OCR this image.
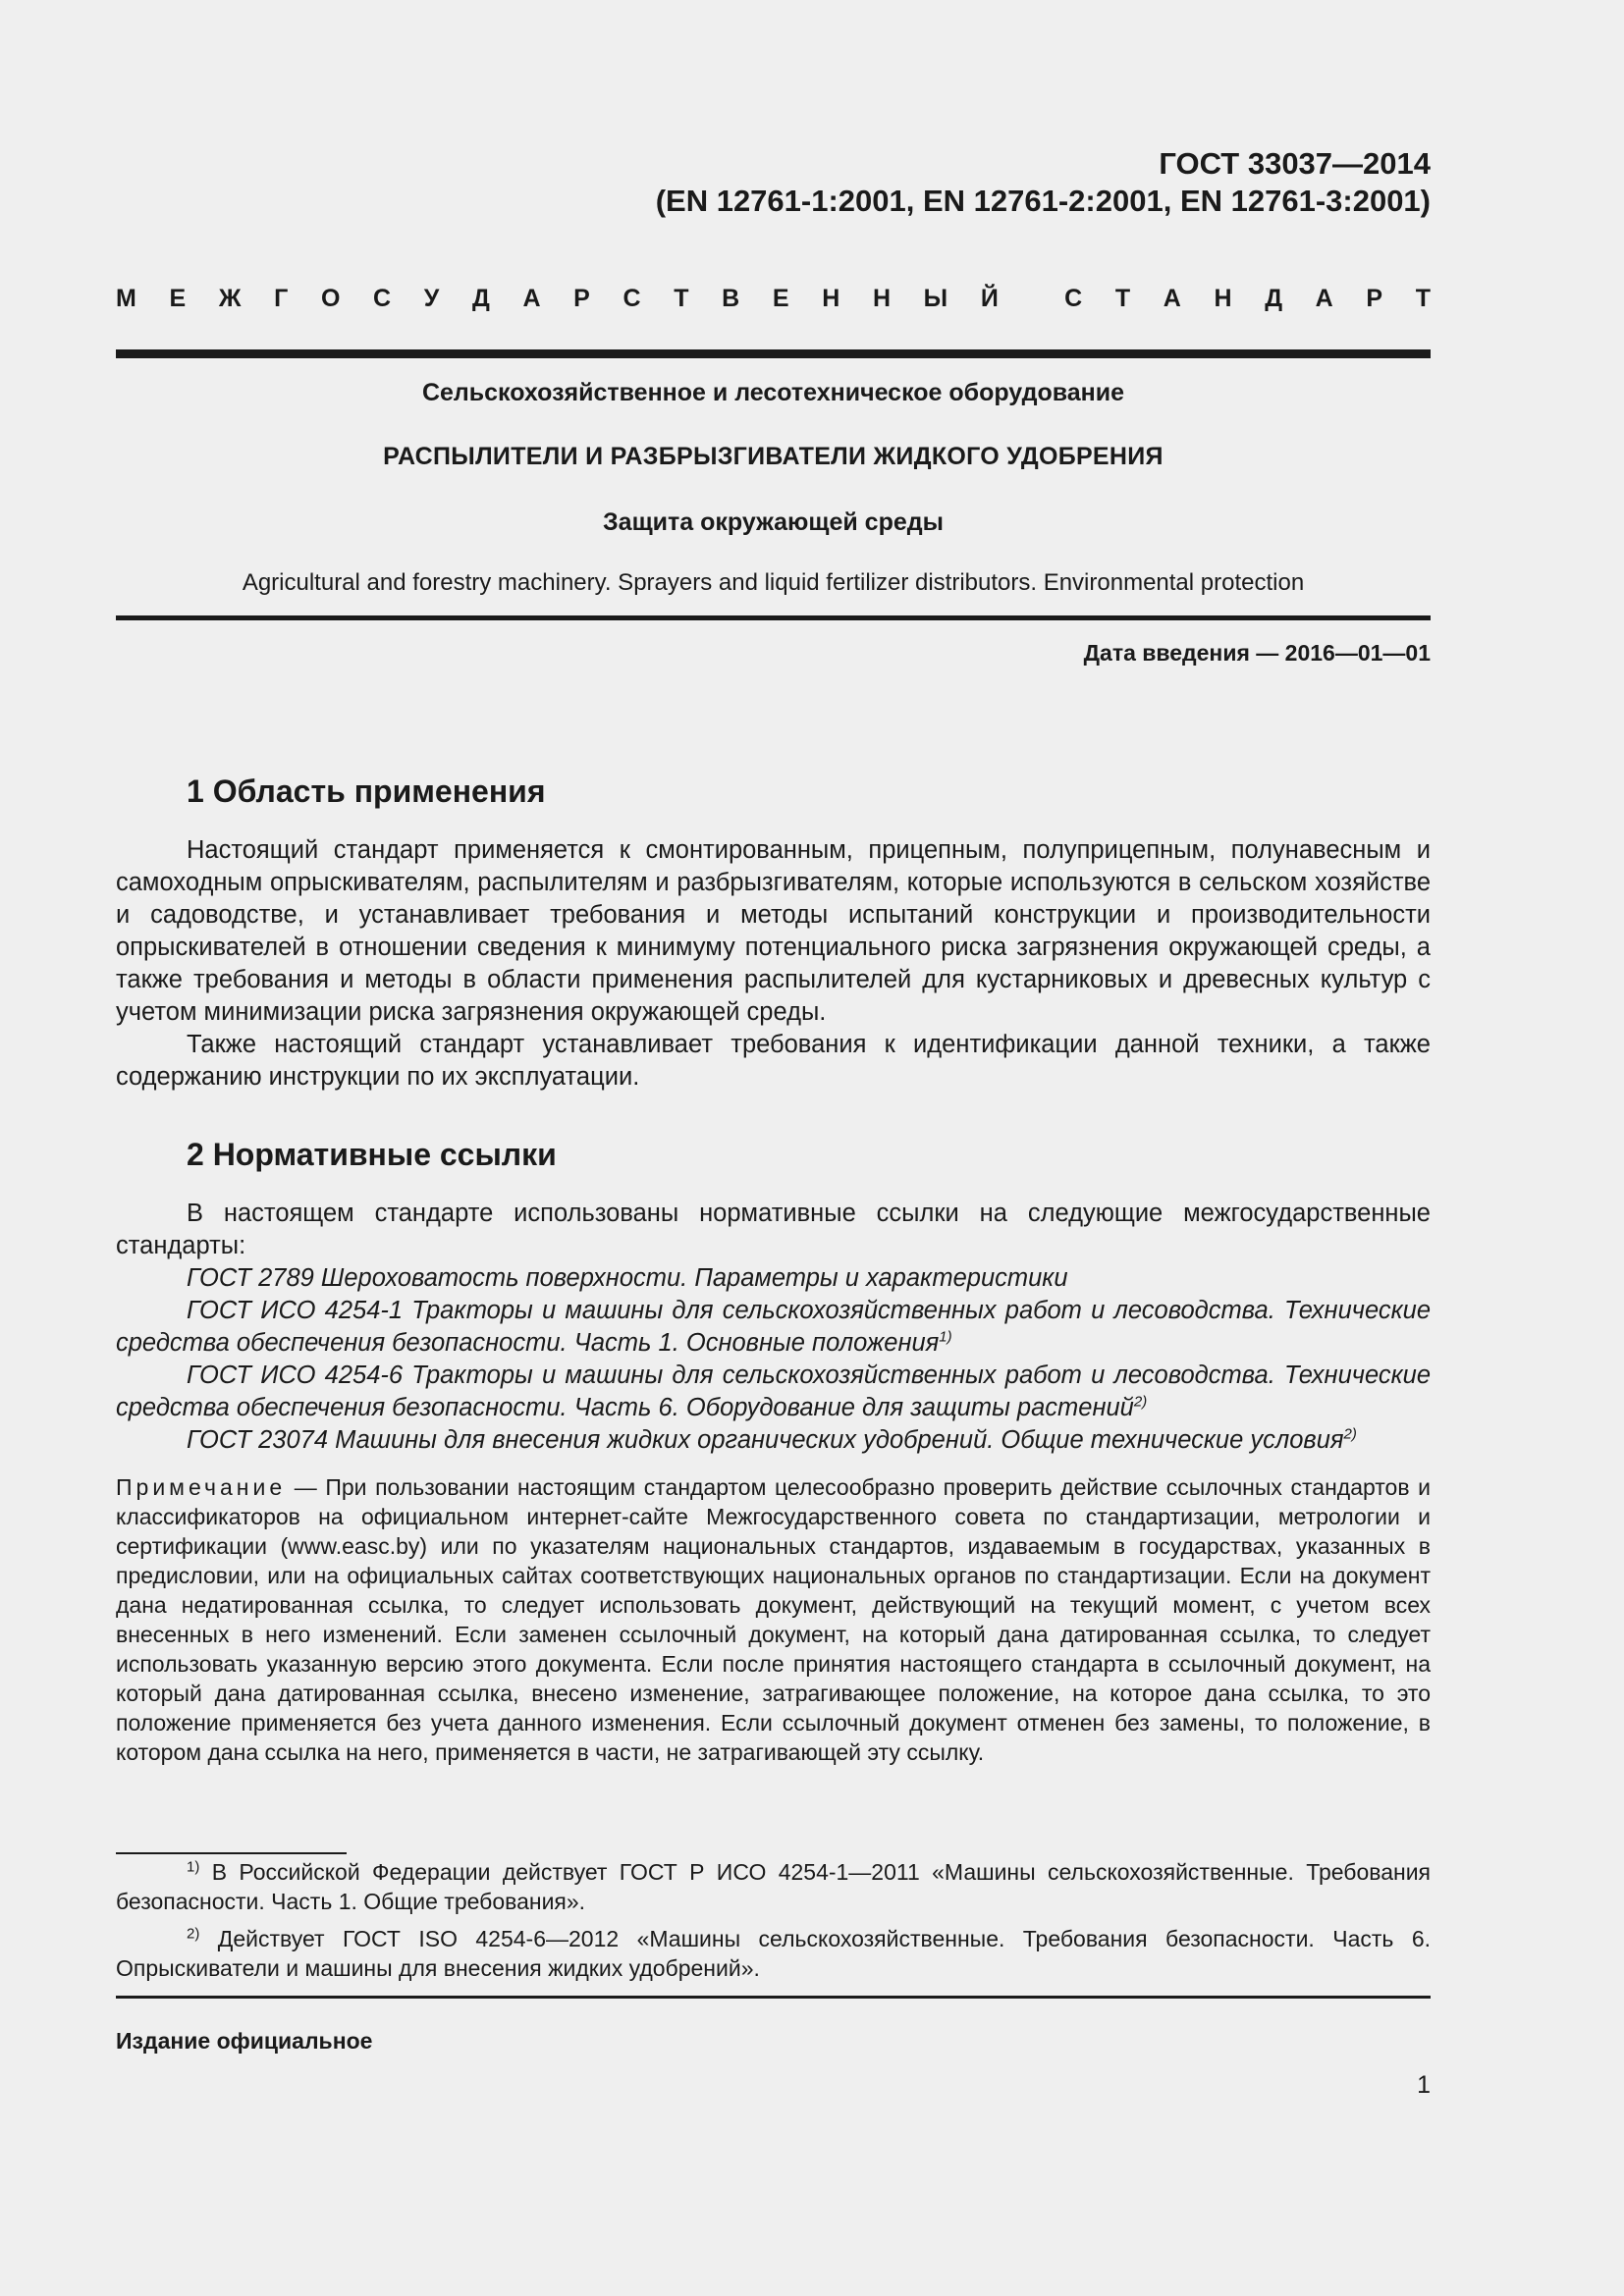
ГОСТ 33037—2014
(EN 12761-1:2001, EN 12761-2:2001, EN 12761-3:2001)
М Е Ж Г О С У Д А Р С Т В Е Н Н Ы Й	С Т А Н Д А Р Т
Сельскохозяйственное и лесотехническое оборудование
РАСПЫЛИТЕЛИ И РАЗБРЫЗГИВАТЕЛИ ЖИДКОГО УДОБРЕНИЯ
Защита окружающей среды
Agricultural and forestry machinery. Sprayers and liquid fertilizer distributors. Environmental protection
Дата введения — 2016—01—01
1 Область применения

Настоящий стандарт применяется к смонтированным, прицепным, полуприцепным, полунавесным и самоходным опрыскивателям, распылителям и разбрызгивателям, которые используются в сельском хозяйстве и садоводстве, и устанавливает требования и методы испытаний конструкции и производительности опрыскивателей в отношении сведения к минимуму потенциального риска загрязнения окружающей среды, а также требования и методы в области применения распылителей для кустарниковых и древесных культур с учетом минимизации риска загрязнения окружающей среды.

Также настоящий стандарт устанавливает требования к идентификации данной техники, а также содержанию инструкции по их эксплуатации.

2 Нормативные ссылки

В настоящем стандарте использованы нормативные ссылки на следующие межгосударственные стандарты:

ГОСТ 2789 Шероховатость поверхности. Параметры и характеристики

ГОСТ ИСО 4254-1 Тракторы и машины для сельскохозяйственных работ и лесоводства. Технические средства обеспечения безопасности. Часть 1. Основные положения$^{1)}$

ГОСТ ИСО 4254-6 Тракторы и машины для сельскохозяйственных работ и лесоводства. Технические средства обеспечения безопасности. Часть 6. Оборудование для защиты растений$^{2)}$

ГОСТ 23074 Машины для внесения жидких органических удобрений. Общие технические условия$^{2)}$

Примечание — При пользовании настоящим стандартом целесообразно проверить действие ссылочных стандартов и классификаторов на официальном интернет-сайте Межгосударственного совета по стандартизации, метрологии и сертификации (www.easc.by) или по указателям национальных стандартов, издаваемым в государствах, указанных в предисловии, или на официальных сайтах соответствующих национальных органов по стандартизации. Если на документ дана недатированная ссылка, то следует использовать документ, действующий на текущий момент, с учетом всех внесенных в него изменений. Если заменен ссылочный документ, на который дана датированная ссылка, то следует использовать указанную версию этого документа. Если после принятия настоящего стандарта в ссылочный документ, на который дана датированная ссылка, внесено изменение, затрагивающее положение, на которое дана ссылка, то это положение применяется без учета данного изменения. Если ссылочный документ отменен без замены, то положение, в котором дана ссылка на него, применяется в части, не затрагивающей эту ссылку.

$^{1)}$ В Российской Федерации действует ГОСТ Р ИСО 4254-1—2011 «Машины сельскохозяйственные. Требования безопасности. Часть 1. Общие требования».

$^{2)}$ Действует ГОСТ ISO 4254-6—2012 «Машины сельскохозяйственные. Требования безопасности. Часть 6. Опрыскиватели и машины для внесения жидких удобрений».

Издание официальное
1
